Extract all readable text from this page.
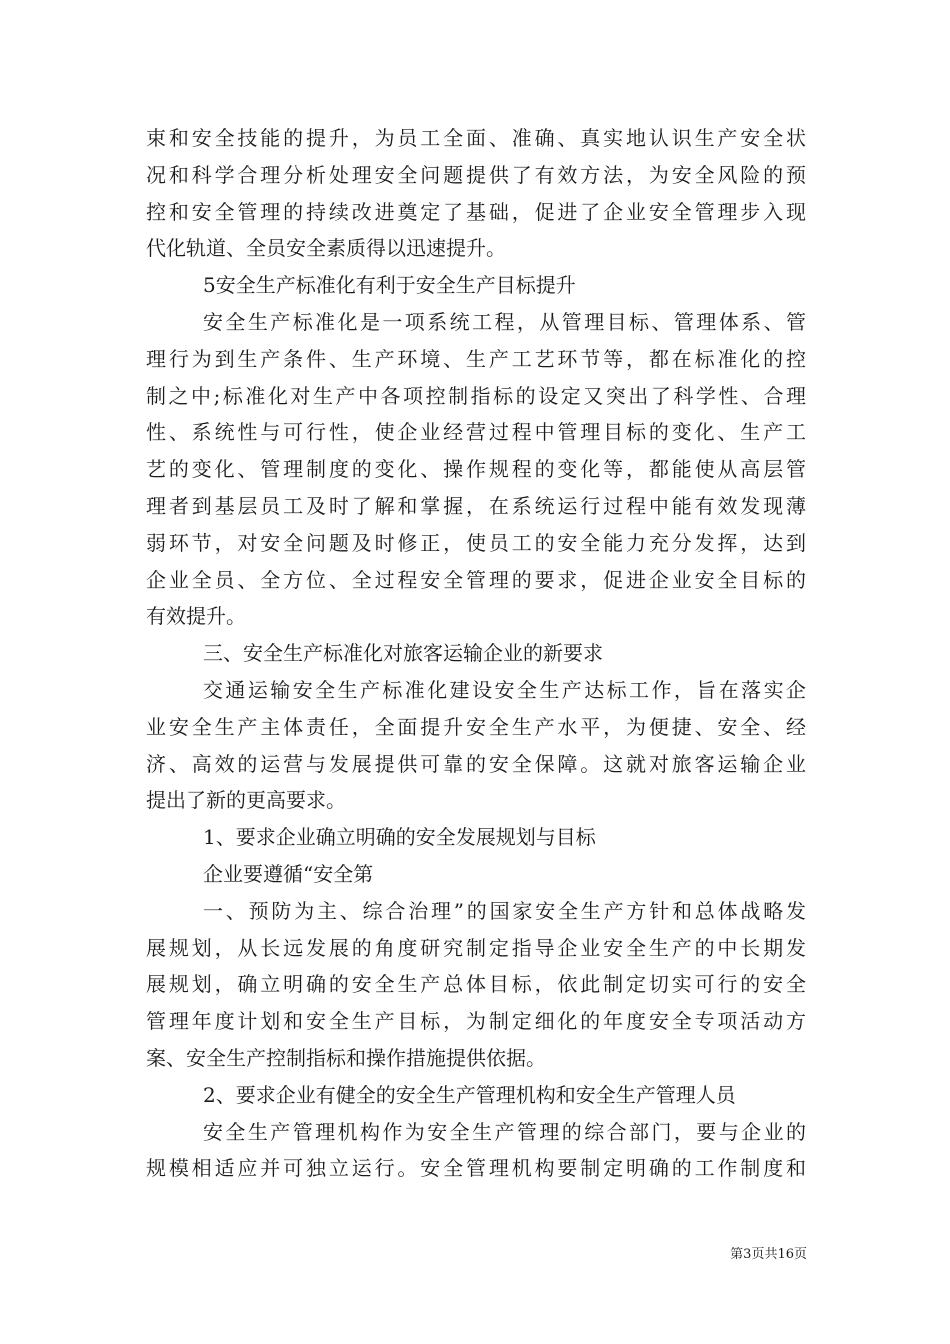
束和安全技能的提升，为员工全面、准确、真实地认识生产安全状
况和科学合理分析处理安全问题提供了有效方法，为安全风险的预
控和安全管理的持续改进奠定了基础，促进了企业安全管理步入现
代化轨道、全员安全素质得以迅速提升。
5安全生产标准化有利于安全生产目标提升
安全生产标准化是一项系统工程，从管理目标、管理体系、管
理行为到生产条件、生产环境、生产工艺环节等，都在标准化的控
制之中;标准化对生产中各项控制指标的设定又突出了科学性、合理
性、系统性与可行性，使企业经营过程中管理目标的变化、生产工
艺的变化、管理制度的变化、操作规程的变化等，都能使从高层管
理者到基层员工及时了解和掌握，在系统运行过程中能有效发现薄
弱环节，对安全问题及时修正，使员工的安全能力充分发挥，达到
企业全员、全方位、全过程安全管理的要求，促进企业安全目标的
有效提升。
三、安全生产标准化对旅客运输企业的新要求
交通运输安全生产标准化建设安全生产达标工作，旨在落实企
业安全生产主体责任，全面提升安全生产水平，为便捷、安全、经
济、高效的运营与发展提供可靠的安全保障。这就对旅客运输企业
提出了新的更高要求。
1、要求企业确立明确的安全发展规划与目标
企业要遵循“安全第
一、预防为主、综合治理”的国家安全生产方针和总体战略发
展规划，从长远发展的角度研究制定指导企业安全生产的中长期发
展规划，确立明确的安全生产总体目标，依此制定切实可行的安全
管理年度计划和安全生产目标，为制定细化的年度安全专项活动方
案、安全生产控制指标和操作措施提供依据。
2、要求企业有健全的安全生产管理机构和安全生产管理人员
安全生产管理机构作为安全生产管理的综合部门，要与企业的
规模相适应并可独立运行。安全管理机构要制定明确的工作制度和
第3页共16页
